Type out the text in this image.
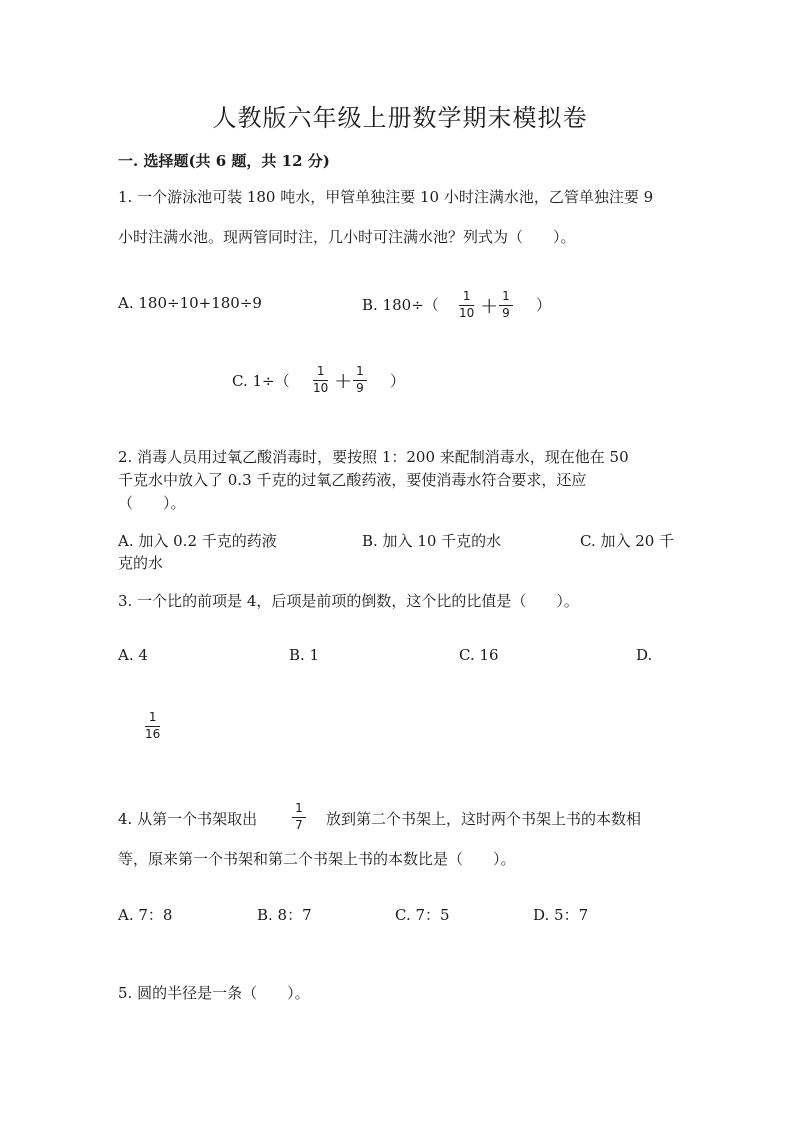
人教版六年级上册数学期末模拟卷
一. 选择题(共 6 题，共 12 分)
1. 一个游泳池可装 180 吨水，甲管单独注要 10 小时注满水池，乙管单独注要 9
小时注满水池。现两管同时注，几小时可注满水池？列式为（　　）。
A. 180÷10+180÷9	B. 180÷（ 1
10 + 1
9 ）
C. 1÷（
1
10 + 1
9 ）
2. 消毒人员用过氧乙酸消毒时，要按照 1：200 来配制消毒水，现在他在 50
千克水中放入了 0.3 千克的过氧乙酸药液，要使消毒水符合要求，还应
（　　）。
A. 加入 0.2 千克的药液	B. 加入 10 千克的水	C. 加入 20 千
克的水
3. 一个比的前项是 4，后项是前项的倒数，这个比的比值是（　　）。
A. 4	B. 1	C. 16	D.
1
16
4. 从第一个书架取出
1
7 放到第二个书架上，这时两个书架上书的本数相
等，原来第一个书架和第二个书架上书的本数比是（　　）。
A. 7：8	B. 8：7	C. 7：5	D. 5：7
5. 圆的半径是一条（　　）。
